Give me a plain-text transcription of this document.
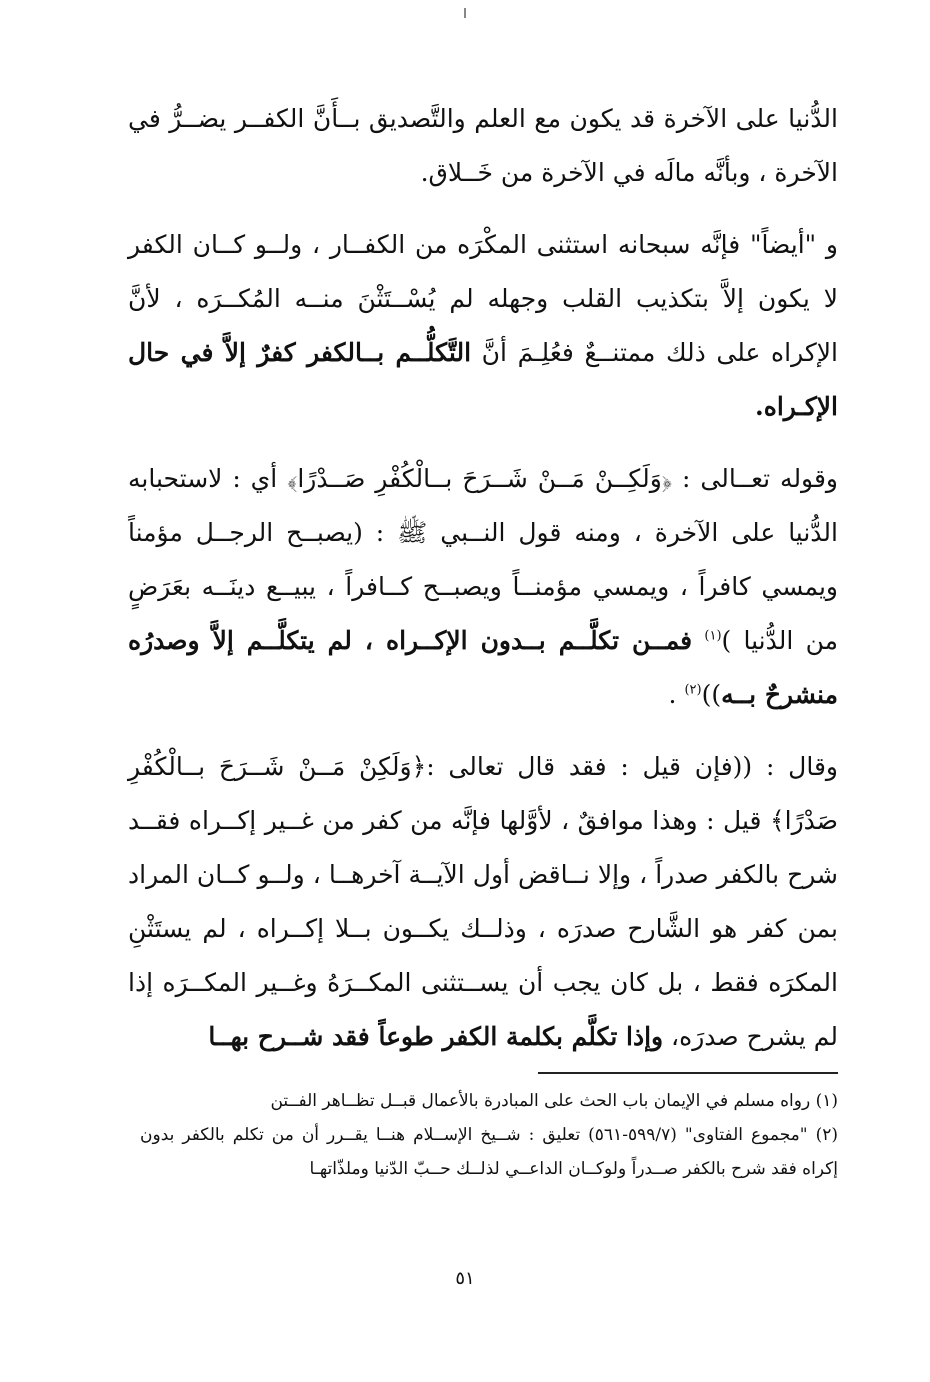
الدُّنيا على الآخرة قد يكون مع العلم والتَّصديق بــأَنَّ الكفــر يضــرُّ في الآخرة ، وبأنَّه مالَه في الآخرة من خَــلاق.

و "أيضاً" فإنَّه سبحانه استثنى المكْرَه من الكفــار ، ولــو كــان الكفر لا يكون إلاَّ بتكذيب القلب وجهله لم يُسْــتَثْنَ منــه المُكــرَه ، لأنَّ الإكراه على ذلك ممتنــعٌ فعُلِـمَ أنَّ التَّكلُّــم بــالكفر كفرٌ إلاَّ في حال الإكـراه.

وقوله تعــالى : ﴿وَلَكِــنْ مَــنْ شَــرَحَ بــالْكُفْرِ صَــدْرًا﴾ أي : لاستحبابه الدُّنيا على الآخرة ، ومنه قول النــبي ﷺ : (يصبــح الرجــل مؤمناً ويمسي كافراً ، ويمسي مؤمنــاً ويصبــح كــافراً ، يبيــع دينَــه بعَرَضٍ من الدُّنيا )$^{(١)}$ فمــن تكلَّــم بــدون الإكــراه ، لم يتكلَّــم إلاَّ وصدرُه منشرحٌ بــه))$^{(٢)}$ .

وقال : ((فإن قيل : فقد قال تعالى :﴿وَلَكِنْ مَــنْ شَــرَحَ بــالْكُفْرِ صَدْرًا﴾ قيل : وهذا موافقٌ ، لأوَّلها فإنَّه من كفر من غــير إكــراه فقــد شرح بالكفر صدراً ، وإلا نــاقض أول الآيــة آخرهــا ، ولــو كــان المراد بمن كفر هو الشَّارح صدرَه ، وذلــك يكــون بــلا إكــراه ، لم يستَثْنِ المكرَه فقط ، بل كان يجب أن يســتثنى المكــرَهُ وغــير المكــرَه إذا لم يشرح صدرَه، وإذا تكلَّم بكلمة الكفر طوعاً فقد شــرح بهــا

(١) رواه مسلم في الإيمان باب الحث على المبادرة بالأعمال قبــل تظــاهر الفــتن

(٢) "مجموع الفتاوى" (٥٩٩/٧-٥٦١) تعليق : شــيخ الإســلام هنــا يقــرر أن من تكلم بالكفر بدون إكراه فقد شرح بالكفر صــدراً ولوكــان الداعــي لذلــك حــبّ الدّنيا وملذّاتهـا

٥١
